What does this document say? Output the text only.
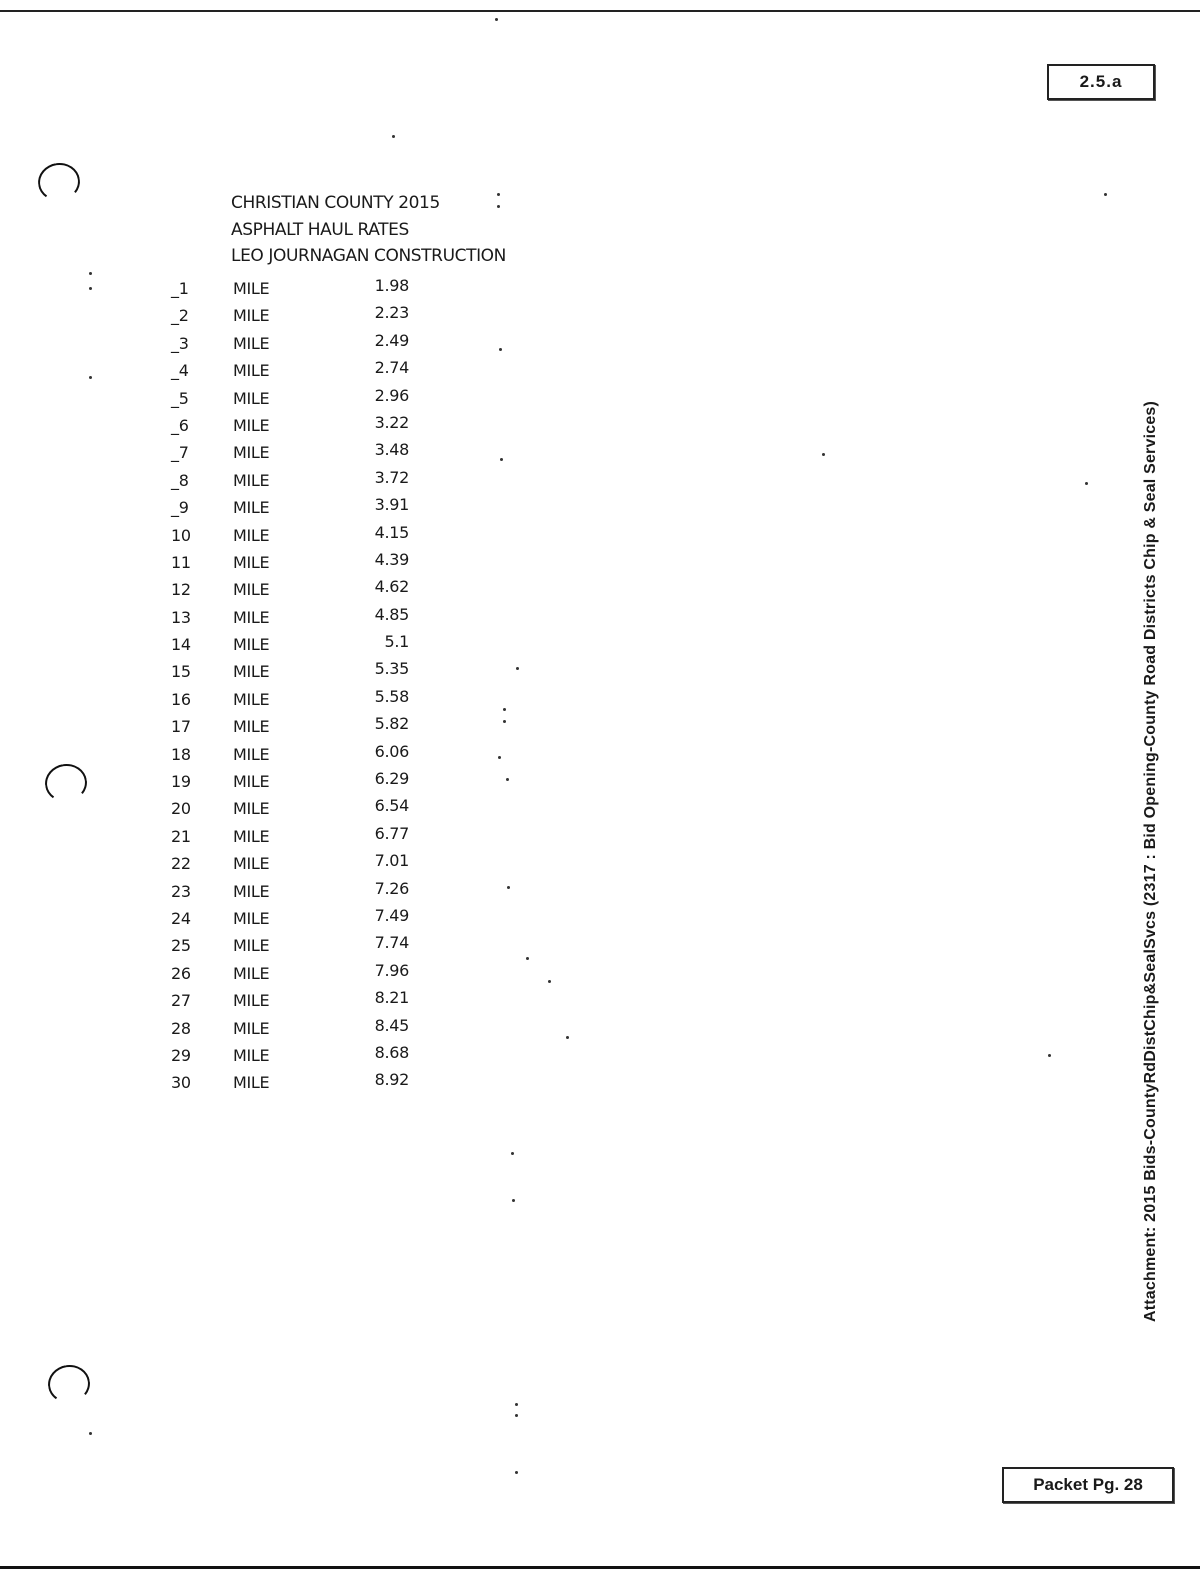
2.5.a
Attachment: 2015 Bids-CountyRdDistChip&SealSvcs (2317 : Bid Opening-County Road Districts Chip & Seal Services)
CHRISTIAN COUNTY 2015
ASPHALT HAUL RATES
LEO JOURNAGAN CONSTRUCTION
_1	MILE	1.98
_2	MILE	2.23
_3	MILE	2.49
_4	MILE	2.74
_5	MILE	2.96
_6	MILE	3.22
_7	MILE	3.48
_8	MILE	3.72
_9	MILE	3.91
10	MILE	4.15
11	MILE	4.39
12	MILE	4.62
13	MILE	4.85
14	MILE	5.1
15	MILE	5.35
16	MILE	5.58
17	MILE	5.82
18	MILE	6.06
19	MILE	6.29
20	MILE	6.54
21	MILE	6.77
22	MILE	7.01
23	MILE	7.26
24	MILE	7.49
25	MILE	7.74
26	MILE	7.96
27	MILE	8.21
28	MILE	8.45
29	MILE	8.68
30	MILE	8.92
Packet Pg. 28
